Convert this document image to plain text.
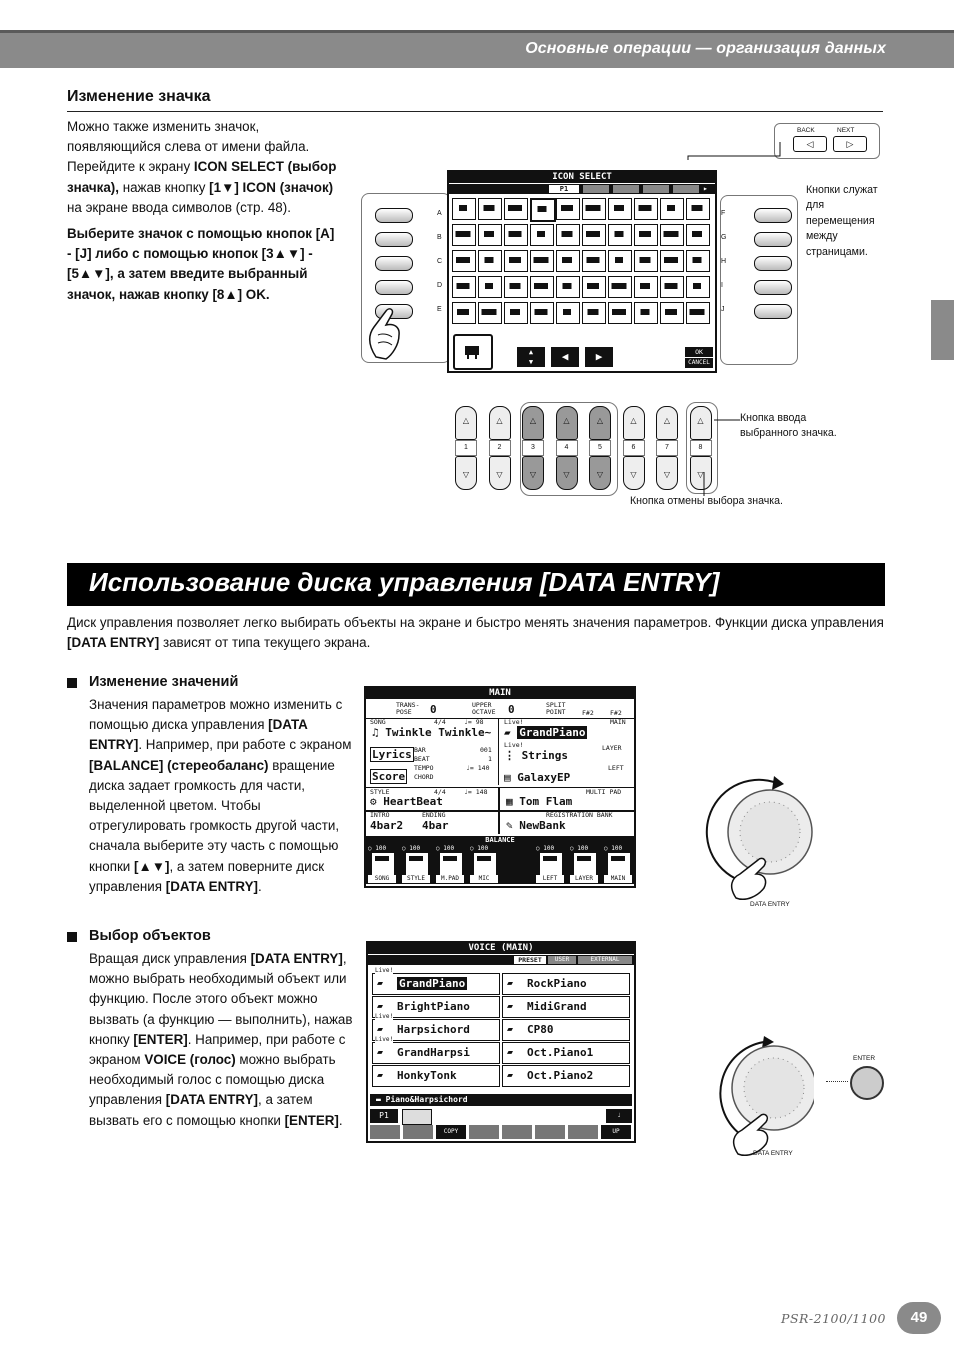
Основные операции — организация данных
Изменение значка

Можно также изменить значок, появляющийся слева от имени файла. Перейдите к экрану ICON SELECT (выбор значка), нажав кнопку [1▼] ICON (значок) на экране ввода символов (стр. 48).

Выберите значок с помощью кнопок [A] - [J] либо с помощью кнопок [3▲▼] - [5▲▼], а затем введите выбранный значок, нажав кнопку [8▲] OK.

A
B
C
D
E
F
G
H
I
J
ICON SELECT
P1	▸
▲
▼	◀	▶	OK
CANCEL
BACK	NEXT
◁	▷
Кнопки служат для перемещения между страницами.
△
1
▽
△
2
▽
△
3
▽
△
4
▽
△
5
▽
△
6
▽
△
7
▽
△
8
▽
Кнопка ввода выбранного значка.
Кнопка отмены выбора значка.
Использование диска управления [DATA ENTRY]
Диск управления позволяет легко выбирать объекты на экране и быстро менять значения параметров. Функции диска управления [DATA ENTRY] зависят от типа текущего экрана.
Изменение значений
Значения параметров можно изменить с помощью диска управления [DATA ENTRY]. Например, при работе с экраном [BALANCE] (стереобаланс) вращение диска задает громкость для части, выделенной цветом. Чтобы отрегулировать громкость другой части, сначала выберите эту часть с помощью кнопки [▲▼], а затем поверните диск управления [DATA ENTRY].
MAIN
TRANS-POSE	0	UPPER OCTAVE	0	SPLIT POINT	F#2	F#2
SONG	4/4	♩= 98
♫ Twinkle Twinkle~
Lyrics
Score
BAR	001
BEAT	1
TEMPO	♩= 140
CHORD
Live!	MAIN
▰ GrandPiano
Live!	LAYER
⋮ Strings
LEFT
▤ GalaxyEP
STYLE	4/4	♩= 148
⚙ HeartBeat
MULTI PAD
▦ Tom Flam
INTRO	ENDING
4bar2 4bar
REGISTRATION BANK
✎ NewBank
BALANCE
○ 100
SONG
○ 100
STYLE
○ 100
M.PAD
○ 100
MIC
○ 100
LEFT
○ 100
LAYER
○ 100
MAIN
DATA ENTRY
Выбор объектов
Вращая диск управления [DATA ENTRY], можно выбрать необходимый объект или функцию. После этого объект можно вызвать (а функцию — выполнить), нажав кнопку [ENTER]. Например, при работе с экраном VOICE (голос) можно выбрать необходимый голос с помощью диска управления [DATA ENTRY], а затем вызвать его с помощью кнопки [ENTER].
VOICE (MAIN)
PRESET	USER	EXTERNAL
Live!
▰ GrandPiano	▰ RockPiano
▰ BrightPiano	▰ MidiGrand
Live!
▰ Harpsichord	▰ CP80
Live!
▰ GrandHarpsi	▰ Oct.Piano1
▰ HonkyTonk	▰ Oct.Piano2
▬ Piano&Harpsichord
P1
COPY	UP
♩
DATA ENTRY
ENTER
PSR-2100/1100	49
